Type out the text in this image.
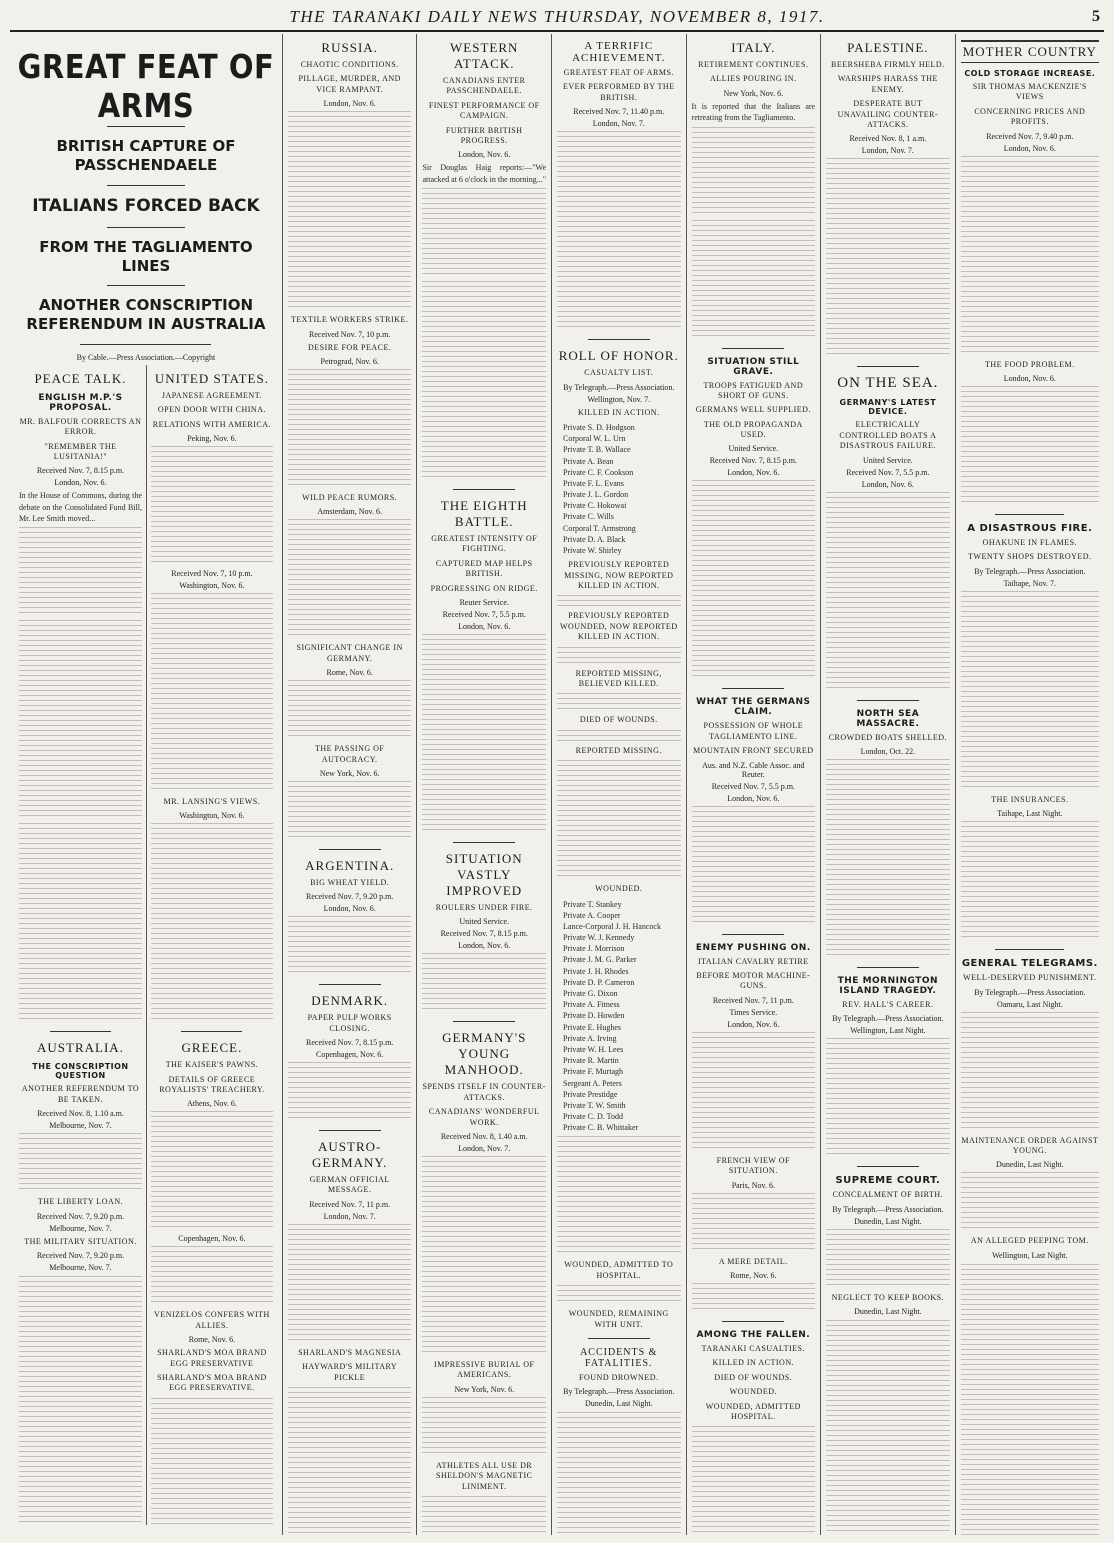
THE TARANAKI DAILY NEWS THURSDAY, NOVEMBER 8, 1917.	5
GREAT FEAT OF ARMS
BRITISH CAPTURE OF PASSCHENDAELE
ITALIANS FORCED BACK
FROM THE TAGLIAMENTO LINES
ANOTHER CONSCRIPTION REFERENDUM IN AUSTRALIA
By Cable.—Press Association.—Copyright
PEACE TALK.
ENGLISH M.P.'S PROPOSAL.
MR. BALFOUR CORRECTS AN ERROR.
"REMEMBER THE LUSITANIA!"
Received Nov. 7, 8.15 p.m.
London, Nov. 6.
In the House of Commons, during the debate on the Consolidated Fund Bill, Mr. Lee Smith moved...
AUSTRALIA.
THE CONSCRIPTION QUESTION
ANOTHER REFERENDUM TO BE TAKEN.
Received Nov. 8, 1.10 a.m.
Melbourne, Nov. 7.
THE LIBERTY LOAN.
Received Nov. 7, 9.20 p.m.
Melbourne, Nov. 7.
THE MILITARY SITUATION.
Received Nov. 7, 9.20 p.m.
Melbourne, Nov. 7.
UNITED STATES.
JAPANESE AGREEMENT.
OPEN DOOR WITH CHINA.
RELATIONS WITH AMERICA.
Peking, Nov. 6.
Received Nov. 7, 10 p.m.
Washington, Nov. 6.
MR. LANSING'S VIEWS.
Washington, Nov. 6.
GREECE.
THE KAISER'S PAWNS.
DETAILS OF GREECE ROYALISTS' TREACHERY.
Athens, Nov. 6.
Copenhagen, Nov. 6.
VENIZELOS CONFERS WITH ALLIES.
Rome, Nov. 6.
SHARLAND'S MOA BRAND EGG PRESERVATIVE
SHARLAND'S MOA BRAND EGG PRESERVATIVE.
RUSSIA.
CHAOTIC CONDITIONS.
PILLAGE, MURDER, AND VICE RAMPANT.
London, Nov. 6.
TEXTILE WORKERS STRIKE.
Received Nov. 7, 10 p.m.
DESIRE FOR PEACE.
Petrograd, Nov. 6.
WILD PEACE RUMORS.
Amsterdam, Nov. 6.
SIGNIFICANT CHANGE IN GERMANY.
Rome, Nov. 6.
THE PASSING OF AUTOCRACY.
New York, Nov. 6.
ARGENTINA.
BIG WHEAT YIELD.
Received Nov. 7, 9.20 p.m.
London, Nov. 6.
DENMARK.
PAPER PULP WORKS CLOSING.
Received Nov. 7, 8.15 p.m.
Copenhagen, Nov. 6.
AUSTRO-GERMANY.
GERMAN OFFICIAL MESSAGE.
Received Nov. 7, 11 p.m.
London, Nov. 7.
SHARLAND'S MAGNESIA
HAYWARD'S MILITARY PICKLE
WESTERN ATTACK.
CANADIANS ENTER PASSCHENDAELE.
FINEST PERFORMANCE OF CAMPAIGN.
FURTHER BRITISH PROGRESS.
London, Nov. 6.
Sir Douglas Haig reports:—"We attacked at 6 o'clock in the morning..."
THE EIGHTH BATTLE.
GREATEST INTENSITY OF FIGHTING.
CAPTURED MAP HELPS BRITISH.
PROGRESSING ON RIDGE.
Reuter Service.
Received Nov. 7, 5.5 p.m.
London, Nov. 6.
SITUATION VASTLY IMPROVED
ROULERS UNDER FIRE.
United Service.
Received Nov. 7, 8.15 p.m.
London, Nov. 6.
GERMANY'S YOUNG MANHOOD.
SPENDS ITSELF IN COUNTER-ATTACKS.
CANADIANS' WONDERFUL WORK.
Received Nov. 8, 1.40 a.m.
London, Nov. 7.
IMPRESSIVE BURIAL OF AMERICANS.
New York, Nov. 6.
ATHLETES ALL USE DR SHELDON'S MAGNETIC LINIMENT.
A TERRIFIC ACHIEVEMENT.
GREATEST FEAT OF ARMS.
EVER PERFORMED BY THE BRITISH.
Received Nov. 7, 11.40 p.m.
London, Nov. 7.
ROLL OF HONOR.
CASUALTY LIST.
By Telegraph.—Press Association.
Wellington, Nov. 7.
KILLED IN ACTION.
Private S. D. Hodgson
Corporal W. L. Urn
Private T. B. Wallace
Private A. Bean
Private C. F. Cookson
Private F. L. Evans
Private J. L. Gordon
Private C. Hokowai
Private C. Wills
Corporal T. Armstrong
Private D. A. Black
Private W. Shirley
PREVIOUSLY REPORTED MISSING, NOW REPORTED KILLED IN ACTION.
PREVIOUSLY REPORTED WOUNDED, NOW REPORTED KILLED IN ACTION.
REPORTED MISSING, BELIEVED KILLED.
DIED OF WOUNDS.
REPORTED MISSING.
WOUNDED.
Private T. Stankey
Private A. Cooper
Lance-Corporal J. H. Hancock
Private W. J. Kennedy
Private J. Morrison
Private J. M. G. Parker
Private J. H. Rhodes
Private D. P. Cameron
Private G. Dixon
Private A. Fitness
Private D. Howden
Private E. Hughes
Private A. Irving
Private W. H. Lees
Private R. Martin
Private F. Murtagh
Sergeant A. Peters
Private Prestidge
Private T. W. Smith
Private C. D. Todd
Private C. B. Whittaker
WOUNDED, ADMITTED TO HOSPITAL.
WOUNDED, REMAINING WITH UNIT.
ACCIDENTS & FATALITIES.
FOUND DROWNED.
By Telegraph.—Press Association.
Dunedin, Last Night.
ITALY.
RETIREMENT CONTINUES.
ALLIES POURING IN.
New York, Nov. 6.
It is reported that the Italians are retreating from the Tagliamento.
SITUATION STILL GRAVE.
TROOPS FATIGUED AND SHORT OF GUNS.
GERMANS WELL SUPPLIED.
THE OLD PROPAGANDA USED.
United Service.
Received Nov. 7, 8.15 p.m.
London, Nov. 6.
WHAT THE GERMANS CLAIM.
POSSESSION OF WHOLE TAGLIAMENTO LINE.
MOUNTAIN FRONT SECURED
Aus. and N.Z. Cable Assoc. and Reuter.
Received Nov. 7, 5.5 p.m.
London, Nov. 6.
ENEMY PUSHING ON.
ITALIAN CAVALRY RETIRE
BEFORE MOTOR MACHINE-GUNS.
Received Nov. 7, 11 p.m.
Times Service.
London, Nov. 6.
FRENCH VIEW OF SITUATION.
Paris, Nov. 6.
A MERE DETAIL.
Rome, Nov. 6.
AMONG THE FALLEN.
TARANAKI CASUALTIES.
KILLED IN ACTION.
DIED OF WOUNDS.
WOUNDED.
WOUNDED, ADMITTED HOSPITAL.
PALESTINE.
BEERSHEBA FIRMLY HELD.
WARSHIPS HARASS THE ENEMY.
DESPERATE BUT UNAVAILING COUNTER-ATTACKS.
Received Nov. 8, 1 a.m.
London, Nov. 7.
ON THE SEA.
GERMANY'S LATEST DEVICE.
ELECTRICALLY CONTROLLED BOATS A DISASTROUS FAILURE.
United Service.
Received Nov. 7, 5.5 p.m.
London, Nov. 6.
NORTH SEA MASSACRE.
CROWDED BOATS SHELLED.
London, Oct. 22.
THE MORNINGTON ISLAND TRAGEDY.
REV. HALL'S CAREER.
By Telegraph.—Press Association.
Wellington, Last Night.
SUPREME COURT.
CONCEALMENT OF BIRTH.
By Telegraph.—Press Association.
Dunedin, Last Night.
NEGLECT TO KEEP BOOKS.
Dunedin, Last Night.
MOTHER COUNTRY
COLD STORAGE INCREASE.
SIR THOMAS MACKENZIE'S VIEWS
CONCERNING PRICES AND PROFITS.
Received Nov. 7, 9.40 p.m.
London, Nov. 6.
THE FOOD PROBLEM.
London, Nov. 6.
A DISASTROUS FIRE.
OHAKUNE IN FLAMES.
TWENTY SHOPS DESTROYED.
By Telegraph.—Press Association.
Taihape, Nov. 7.
THE INSURANCES.
Taihape, Last Night.
GENERAL TELEGRAMS.
WELL-DESERVED PUNISHMENT.
By Telegraph.—Press Association.
Oamaru, Last Night.
MAINTENANCE ORDER AGAINST YOUNG.
Dunedin, Last Night.
AN ALLEGED PEEPING TOM.
Wellington, Last Night.
